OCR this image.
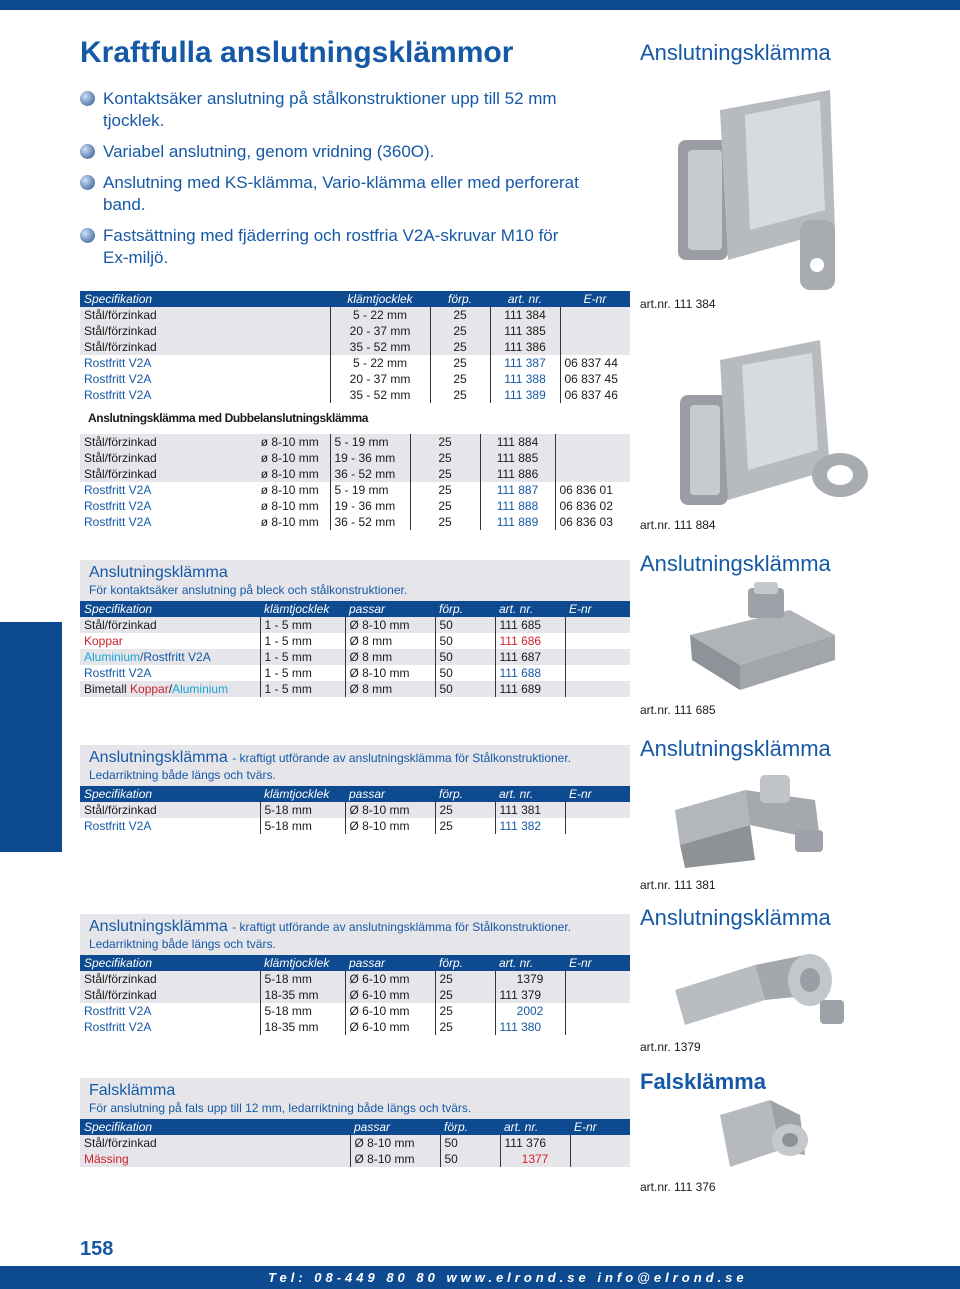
Kraftfulla anslutningsklämmor	Anslutningsklämma
Kontaktsäker anslutning på stålkonstruktioner upp till 52 mm tjocklek.
Variabel anslutning, genom vridning (360O).
Anslutning med KS-klämma, Vario-klämma eller med perforerat band.
Fastsättning med fjäderring och rostfria V2A-skruvar M10 för Ex-miljö.
Specifikation	klämtjocklek	förp.	art. nr.	E-nr
Stål/förzinkad	5 - 22 mm	25	111 384	
Stål/förzinkad	20 - 37 mm	25	111 385	
Stål/förzinkad	35 - 52 mm	25	111 386	
Rostfritt V2A	5 - 22 mm	25	111 387	06 837 44
Rostfritt V2A	20 - 37 mm	25	111 388	06 837 45
Rostfritt V2A	35 - 52 mm	25	111 389	06 837 46
Anslutningsklämma med Dubbelanslutningsklämma
Stål/förzinkad	ø 8-10 mm	5 - 19 mm	25	111 884	
Stål/förzinkad	ø 8-10 mm	19 - 36 mm	25	111 885	
Stål/förzinkad	ø 8-10 mm	36 - 52 mm	25	111 886	
Rostfritt V2A	ø 8-10 mm	5 - 19 mm	25	111 887	06 836 01
Rostfritt V2A	ø 8-10 mm	19 - 36 mm	25	111 888	06 836 02
Rostfritt V2A	ø 8-10 mm	36 - 52 mm	25	111 889	06 836 03
art.nr. 111 384
art.nr. 111 884
Anslutningsklämma
För kontaktsäker anslutning på bleck och stålkonstruktioner.
Specifikation	klämtjocklek	passar	förp.	art. nr.	E-nr
Stål/förzinkad	1 - 5 mm	Ø 8-10 mm	50	111 685	
Koppar	1 - 5 mm	Ø 8 mm	50	111 686	
Aluminium/Rostfritt V2A	1 - 5 mm	Ø 8 mm	50	111 687	
Rostfritt V2A	1 - 5 mm	Ø 8-10 mm	50	111 688	
Bimetall Koppar/Aluminium	1 - 5 mm	Ø 8 mm	50	111 689	
Anslutningsklämma
art.nr. 111 685
Anslutningsklämma - kraftigt utförande av anslutningsklämma för Stålkonstruktioner.
Ledarriktning både längs och tvärs.
Specifikation	klämtjocklek	passar	förp.	art. nr.	E-nr
Stål/förzinkad	5-18 mm	Ø 8-10 mm	25	111 381	
Rostfritt V2A	5-18 mm	Ø 8-10 mm	25	111 382	
Anslutningsklämma
art.nr. 111 381
Anslutningsklämma - kraftigt utförande av anslutningsklämma för Stålkonstruktioner.
Ledarriktning både längs och tvärs.
Specifikation	klämtjocklek	passar	förp.	art. nr.	E-nr
Stål/förzinkad	5-18 mm	Ø 6-10 mm	25	1379	
Stål/förzinkad	18-35 mm	Ø 6-10 mm	25	111 379	
Rostfritt V2A	5-18 mm	Ø 6-10 mm	25	2002	
Rostfritt V2A	18-35 mm	Ø 6-10 mm	25	111 380	
Anslutningsklämma
art.nr. 1379
Falsklämma
För anslutning på fals upp till 12 mm, ledarriktning både längs och tvärs.
Specifikation	passar	förp.	art. nr.	E-nr
Stål/förzinkad	Ø 8-10 mm	50	111 376	
Mässing	Ø 8-10 mm	50	1377	
Falsklämma
art.nr. 111 376
158
Tel: 08-449 80 80 www.elrond.se info@elrond.se
